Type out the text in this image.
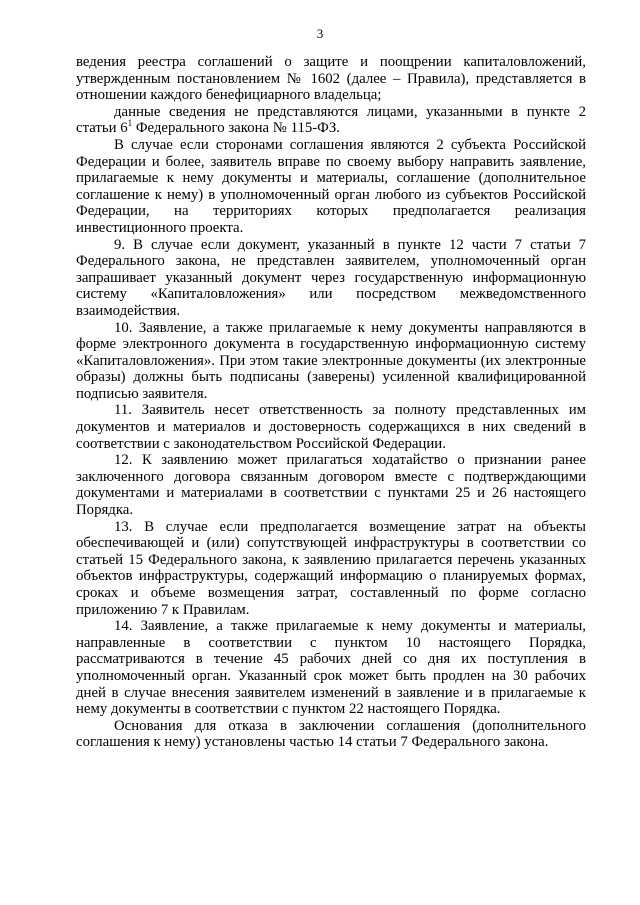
3

ведения реестра соглашений о защите и поощрении капиталовложений, утвержденным постановлением № 1602 (далее – Правила), представляется в отношении каждого бенефициарного владельца;

данные сведения не представляются лицами, указанными в пункте 2 статьи $6^1$ Федерального закона № 115-ФЗ.

В случае если сторонами соглашения являются 2 субъекта Российской Федерации и более, заявитель вправе по своему выбору направить заявление, прилагаемые к нему документы и материалы, соглашение (дополнительное соглашение к нему) в уполномоченный орган любого из субъектов Российской Федерации, на территориях которых предполагается реализация инвестиционного проекта.

9. В случае если документ, указанный в пункте 12 части 7 статьи 7 Федерального закона, не представлен заявителем, уполномоченный орган запрашивает указанный документ через государственную информационную систему «Капиталовложения» или посредством межведомственного взаимодействия.

10. Заявление, а также прилагаемые к нему документы направляются в форме электронного документа в государственную информационную систему «Капиталовложения». При этом такие электронные документы (их электронные образы) должны быть подписаны (заверены) усиленной квалифицированной подписью заявителя.

11. Заявитель несет ответственность за полноту представленных им документов и материалов и достоверность содержащихся в них сведений в соответствии с законодательством Российской Федерации.

12. К заявлению может прилагаться ходатайство о признании ранее заключенного договора связанным договором вместе с подтверждающими документами и материалами в соответствии с пунктами 25 и 26 настоящего Порядка.

13. В случае если предполагается возмещение затрат на объекты обеспечивающей и (или) сопутствующей инфраструктуры в соответствии со статьей 15 Федерального закона, к заявлению прилагается перечень указанных объектов инфраструктуры, содержащий информацию о планируемых формах, сроках и объеме возмещения затрат, составленный по форме согласно приложению 7 к Правилам.

14. Заявление, а также прилагаемые к нему документы и материалы, направленные в соответствии с пунктом 10 настоящего Порядка, рассматриваются в течение 45 рабочих дней со дня их поступления в уполномоченный орган. Указанный срок может быть продлен на 30 рабочих дней в случае внесения заявителем изменений в заявление и в прилагаемые к нему документы в соответствии с пунктом 22 настоящего Порядка.

Основания для отказа в заключении соглашения (дополнительного соглашения к нему) установлены частью 14 статьи 7 Федерального закона.
